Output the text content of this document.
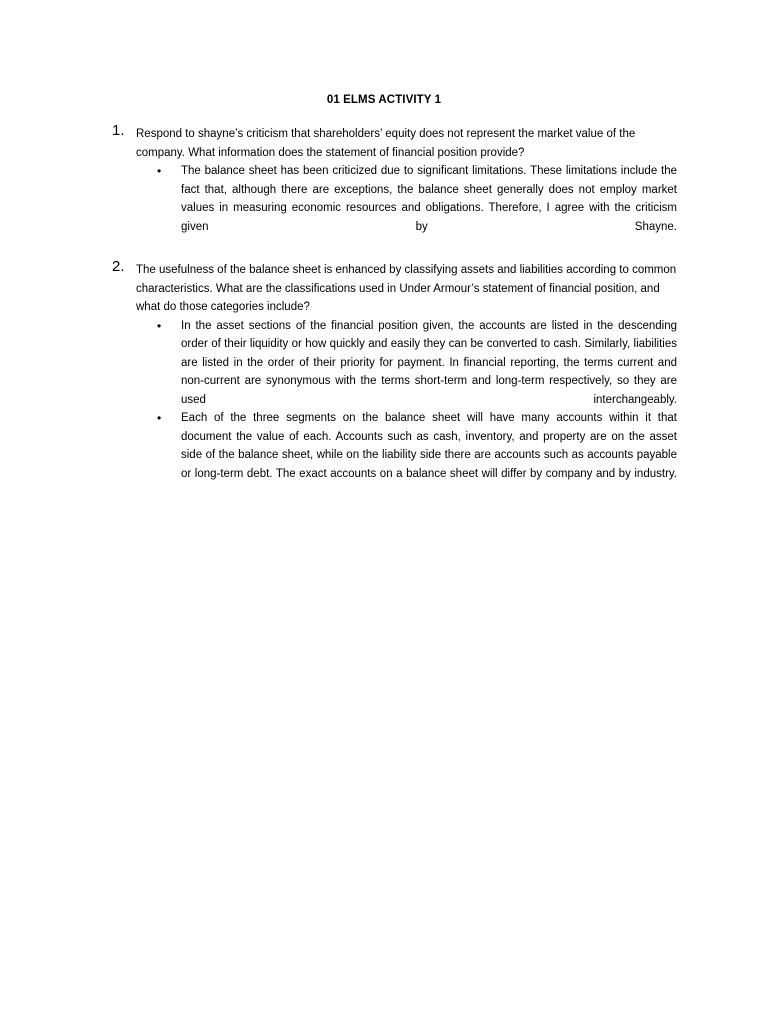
01 ELMS ACTIVITY 1
1. Respond to shayne’s criticism that shareholders’ equity does not represent the market value of the company. What information does the statement of financial position provide?
• The balance sheet has been criticized due to significant limitations. These limitations include the fact that, although there are exceptions, the balance sheet generally does not employ market values in measuring economic resources and obligations. Therefore, I agree with the criticism given by Shayne.
2. The usefulness of the balance sheet is enhanced by classifying assets and liabilities according to common characteristics. What are the classifications used in Under Armour’s statement of financial position, and what do those categories include?
• In the asset sections of the financial position given, the accounts are listed in the descending order of their liquidity or how quickly and easily they can be converted to cash. Similarly, liabilities are listed in the order of their priority for payment. In financial reporting, the terms current and non-current are synonymous with the terms short-term and long-term respectively, so they are used interchangeably.
• Each of the three segments on the balance sheet will have many accounts within it that document the value of each. Accounts such as cash, inventory, and property are on the asset side of the balance sheet, while on the liability side there are accounts such as accounts payable or long-term debt. The exact accounts on a balance sheet will differ by company and by industry.
